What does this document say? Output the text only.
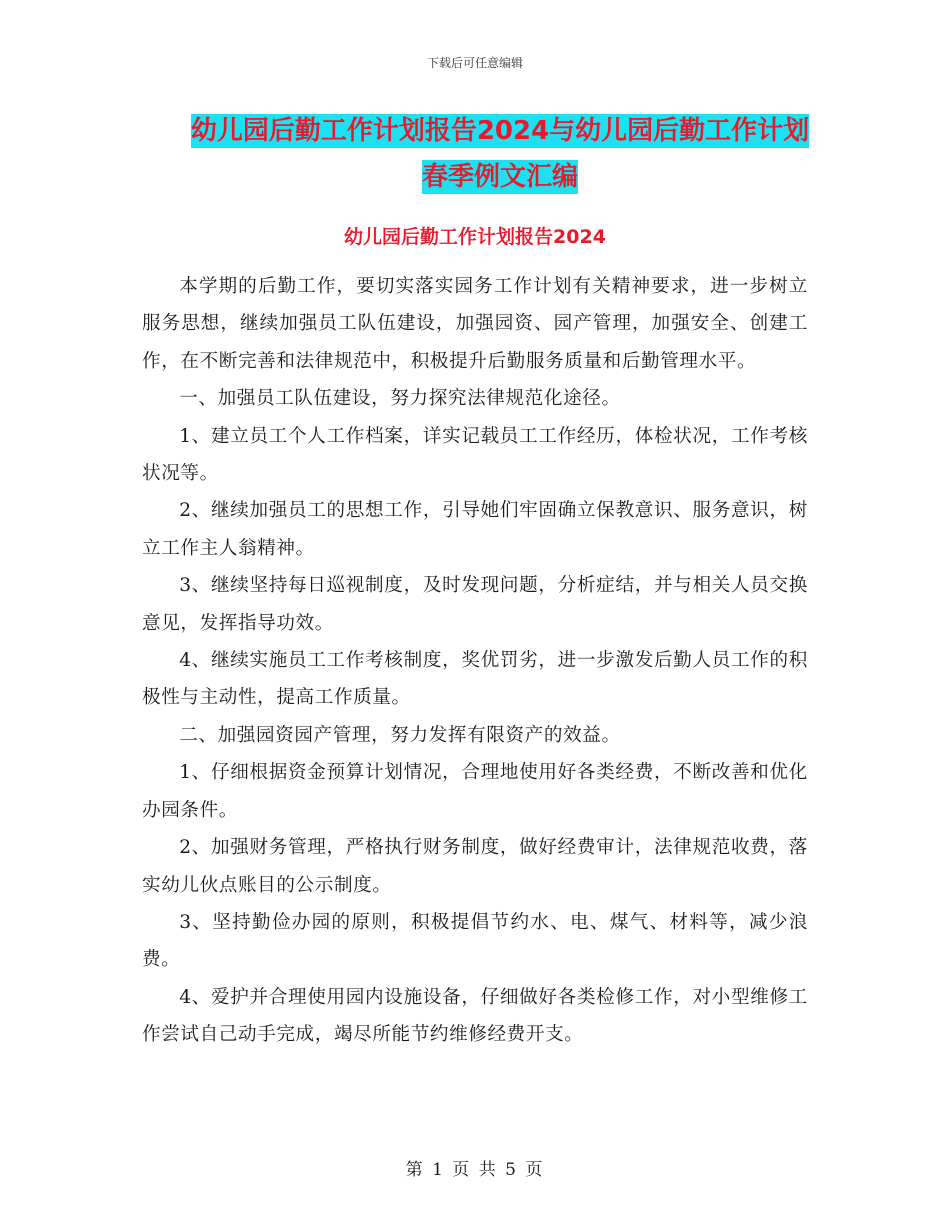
下载后可任意编辑
幼儿园后勤工作计划报告2024与幼儿园后勤工作计划
春季例文汇编
幼儿园后勤工作计划报告2024

本学期的后勤工作，要切实落实园务工作计划有关精神要求，进一步树立服务思想，继续加强员工队伍建设，加强园资、园产管理，加强安全、创建工作，在不断完善和法律规范中，积极提升后勤服务质量和后勤管理水平。

一、加强员工队伍建设，努力探究法律规范化途径。

1、建立员工个人工作档案，详实记载员工工作经历，体检状况，工作考核状况等。

2、继续加强员工的思想工作，引导她们牢固确立保教意识、服务意识，树立工作主人翁精神。

3、继续坚持每日巡视制度，及时发现问题，分析症结，并与相关人员交换意见，发挥指导功效。

4、继续实施员工工作考核制度，奖优罚劣，进一步激发后勤人员工作的积极性与主动性，提高工作质量。

二、加强园资园产管理，努力发挥有限资产的效益。

1、仔细根据资金预算计划情况，合理地使用好各类经费，不断改善和优化办园条件。

2、加强财务管理，严格执行财务制度，做好经费审计，法律规范收费，落实幼儿伙点账目的公示制度。

3、坚持勤俭办园的原则，积极提倡节约水、电、煤气、材料等，减少浪费。

4、爱护并合理使用园内设施设备，仔细做好各类检修工作，对小型维修工作尝试自己动手完成，竭尽所能节约维修经费开支。

第 1 页 共 5 页
